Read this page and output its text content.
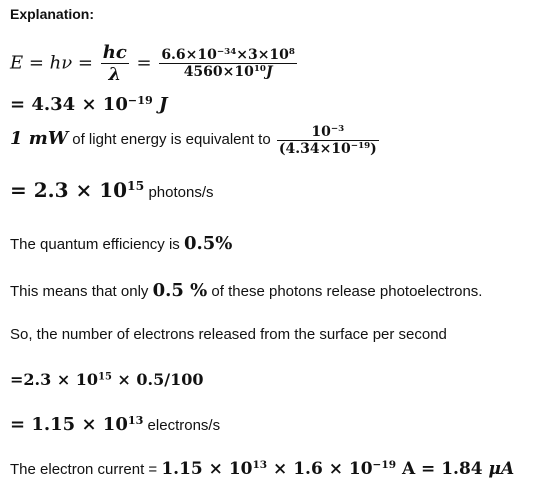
Explanation:
$E = h\nu = \frac{hc}{\lambda} = \frac{6.6\times 10^{-34}\times 3\times 10^8}{4560\times 10^{10}J}$
= $4.34 \times 10^{-19}$ J
1 mW of light energy is equivalent to $\frac{10^{-3}}{(4.34\times 10^{-19})}$
= $2.3 \times 10^{15}$ photons/s
The quantum efficiency is 0.5%
This means that only 0.5 % of these photons release photoelectrons.
So, the number of electrons released from the surface per second
$=2.3 \times 10^{15} \times 0.5/100$
= $1.15 \times 10^{13}$ electrons/s
The electron current = $1.15 \times 10^{13} \times 1.6 \times 10^{-19}$ A = 1.84 μA
